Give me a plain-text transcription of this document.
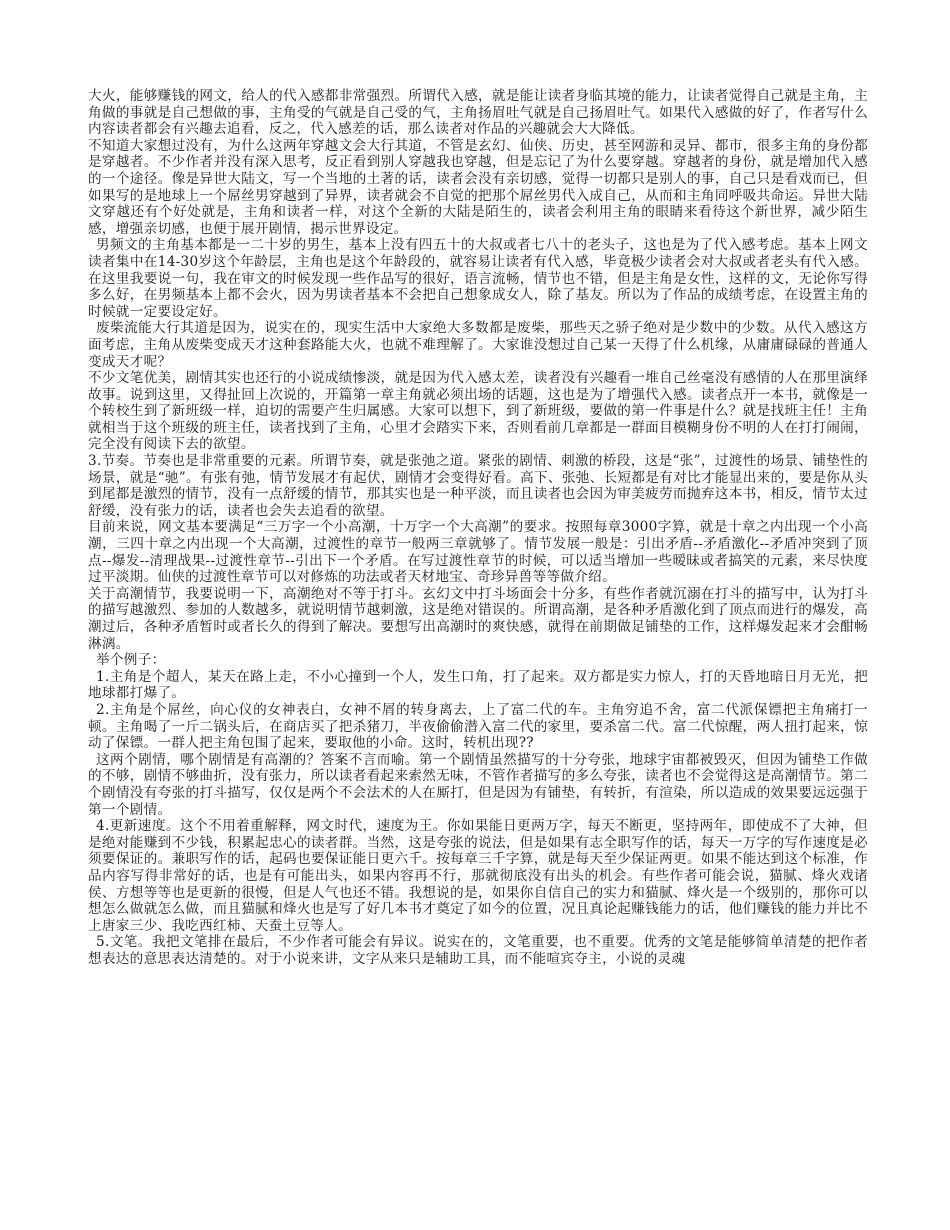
大火，能够赚钱的网文，给人的代入感都非常强烈。所谓代入感，就是能让读者身临其境的能力，让读者觉得自己就是主角，主角做的事就是自己想做的事，主角受的气就是自己受的气，主角扬眉吐气就是自己扬眉吐气。如果代入感做的好了，作者写什么内容读者都会有兴趣去追看，反之，代入感差的话，那么读者对作品的兴趣就会大大降低。

不知道大家想过没有，为什么这两年穿越文会大行其道，不管是玄幻、仙侠、历史，甚至网游和灵异、都市，很多主角的身份都是穿越者。不少作者并没有深入思考，反正看到别人穿越我也穿越，但是忘记了为什么要穿越。穿越者的身份，就是增加代入感的一个途径。像是异世大陆文，写一个当地的土著的话，读者会没有亲切感，觉得一切都只是别人的事，自己只是看戏而已，但如果写的是地球上一个屌丝男穿越到了异界，读者就会不自觉的把那个屌丝男代入成自己，从而和主角同呼吸共命运。异世大陆文穿越还有个好处就是，主角和读者一样，对这个全新的大陆是陌生的，读者会利用主角的眼睛来看待这个新世界，减少陌生感，增强亲切感，也便于展开剧情，揭示世界设定。

男频文的主角基本都是一二十岁的男生，基本上没有四五十的大叔或者七八十的老头子，这也是为了代入感考虑。基本上网文读者集中在14-30岁这个年龄层，主角也是这个年龄段的，就容易让读者有代入感，毕竟极少读者会对大叔或者老头有代入感。在这里我要说一句，我在审文的时候发现一些作品写的很好，语言流畅，情节也不错，但是主角是女性，这样的文，无论你写得多么好，在男频基本上都不会火，因为男读者基本不会把自己想象成女人，除了基友。所以为了作品的成绩考虑，在设置主角的时候就一定要设定好。

废柴流能大行其道是因为，说实在的，现实生活中大家绝大多数都是废柴，那些天之骄子绝对是少数中的少数。从代入感这方面考虑，主角从废柴变成天才这种套路能大火，也就不难理解了。大家谁没想过自己某一天得了什么机缘，从庸庸碌碌的普通人变成天才呢？

不少文笔优美，剧情其实也还行的小说成绩惨淡，就是因为代入感太差，读者没有兴趣看一堆自己丝毫没有感情的人在那里演绎故事。说到这里，又得扯回上次说的，开篇第一章主角就必须出场的话题，这也是为了增强代入感。读者点开一本书，就像是一个转校生到了新班级一样，迫切的需要产生归属感。大家可以想下，到了新班级，要做的第一件事是什么？就是找班主任！主角就相当于这个班级的班主任，读者找到了主角，心里才会踏实下来，否则看前几章都是一群面目模糊身份不明的人在打打闹闹，完全没有阅读下去的欲望。

3.节奏。节奏也是非常重要的元素。所谓节奏，就是张弛之道。紧张的剧情、刺激的桥段，这是“张”，过渡性的场景、铺垫性的场景，就是“驰”。有张有弛，情节发展才有起伏，剧情才会变得好看。高下、张弛、长短都是有对比才能显出来的，要是你从头到尾都是激烈的情节，没有一点舒缓的情节，那其实也是一种平淡，而且读者也会因为审美疲劳而抛弃这本书，相反，情节太过舒缓，没有张力的话，读者也会失去追看的欲望。

目前来说，网文基本要满足“三万字一个小高潮，十万字一个大高潮”的要求。按照每章3000字算，就是十章之内出现一个小高潮，三四十章之内出现一个大高潮，过渡性的章节一般两三章就够了。情节发展一般是：引出矛盾--矛盾激化--矛盾冲突到了顶点--爆发--清理战果--过渡性章节--引出下一个矛盾。在写过渡性章节的时候，可以适当增加一些暧昧或者搞笑的元素，来尽快度过平淡期。仙侠的过渡性章节可以对修炼的功法或者天材地宝、奇珍异兽等等做介绍。

关于高潮情节，我要说明一下，高潮绝对不等于打斗。玄幻文中打斗场面会十分多，有些作者就沉溺在打斗的描写中，认为打斗的描写越激烈、参加的人数越多，就说明情节越刺激，这是绝对错误的。所谓高潮，是各种矛盾激化到了顶点而进行的爆发，高潮过后，各种矛盾暂时或者长久的得到了解决。要想写出高潮时的爽快感，就得在前期做足铺垫的工作，这样爆发起来才会酣畅淋漓。

举个例子：

1.主角是个超人，某天在路上走，不小心撞到一个人，发生口角，打了起来。双方都是实力惊人，打的天昏地暗日月无光，把地球都打爆了。

2.主角是个屌丝，向心仪的女神表白，女神不屑的转身离去，上了富二代的车。主角穷追不舍，富二代派保镖把主角痛打一顿。主角喝了一斤二锅头后，在商店买了把杀猪刀，半夜偷偷潜入富二代的家里，要杀富二代。富二代惊醒，两人扭打起来，惊动了保镖。一群人把主角包围了起来，要取他的小命。这时，转机出现??

这两个剧情，哪个剧情是有高潮的？答案不言而喻。第一个剧情虽然描写的十分夸张，地球宇宙都被毁灭，但因为铺垫工作做的不够，剧情不够曲折，没有张力，所以读者看起来索然无味，不管作者描写的多么夸张，读者也不会觉得这是高潮情节。第二个剧情没有夸张的打斗描写，仅仅是两个不会法术的人在厮打，但是因为有铺垫，有转折，有渲染，所以造成的效果要远远强于第一个剧情。

4.更新速度。这个不用着重解释，网文时代，速度为王。你如果能日更两万字，每天不断更，坚持两年，即使成不了大神，但是绝对能赚到不少钱，积累起忠心的读者群。当然，这是夸张的说法，但是如果有志全职写作的话，每天一万字的写作速度是必须要保证的。兼职写作的话，起码也要保证能日更六千。按每章三千字算，就是每天至少保证两更。如果不能达到这个标准，作品内容写得非常好的话，也是有可能出头，如果内容再不行，那就彻底没有出头的机会。有些作者可能会说，猫腻、烽火戏诸侯、方想等等也是更新的很慢，但是人气也还不错。我想说的是，如果你自信自己的实力和猫腻、烽火是一个级别的，那你可以想怎么做就怎么做，而且猫腻和烽火也是写了好几本书才奠定了如今的位置，况且真论起赚钱能力的话，他们赚钱的能力并比不上唐家三少、我吃西红柿、天蚕土豆等人。

5.文笔。我把文笔排在最后，不少作者可能会有异议。说实在的，文笔重要，也不重要。优秀的文笔是能够简单清楚的把作者想表达的意思表达清楚的。对于小说来讲，文字从来只是辅助工具，而不能喧宾夺主，小说的灵魂
